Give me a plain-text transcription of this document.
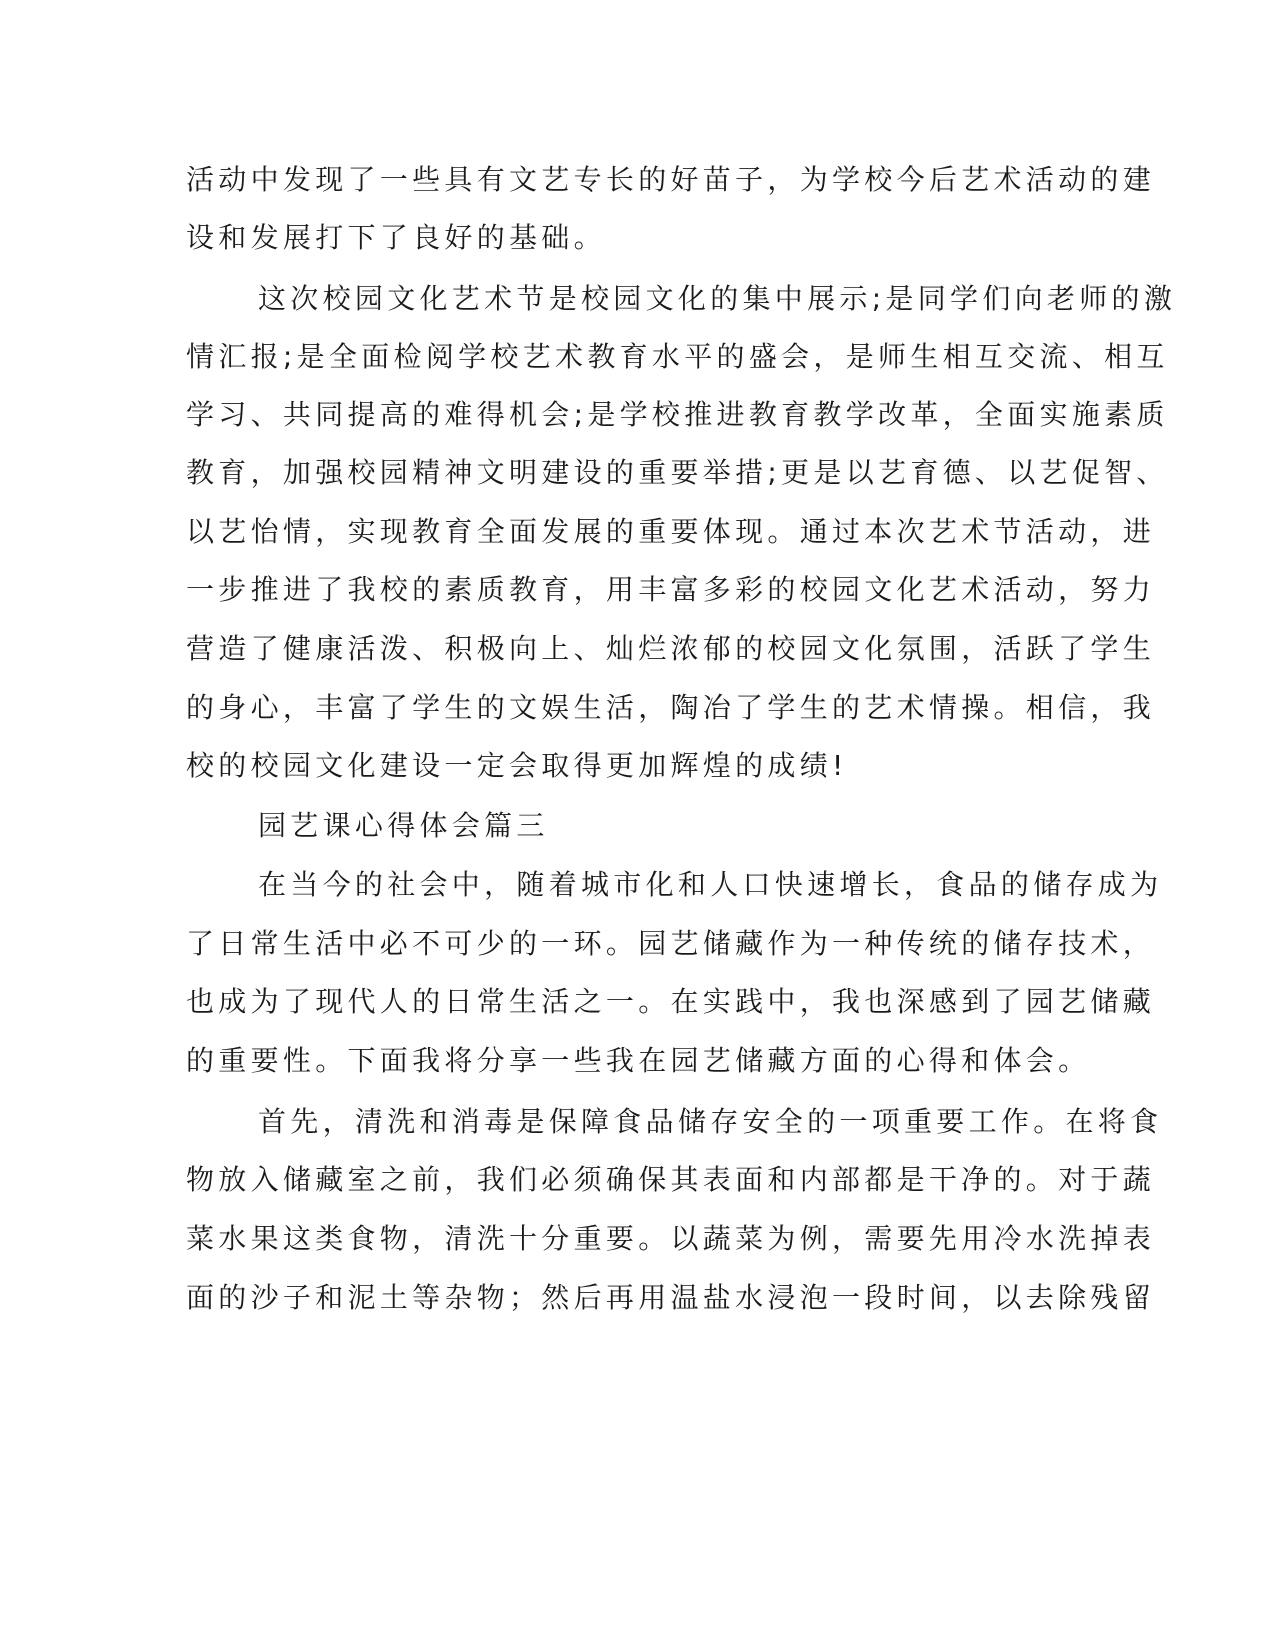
活动中发现了一些具有文艺专长的好苗子，为学校今后艺术活动的建
设和发展打下了良好的基础。
这次校园文化艺术节是校园文化的集中展示;是同学们向老师的激
情汇报;是全面检阅学校艺术教育水平的盛会，是师生相互交流、相互
学习、共同提高的难得机会;是学校推进教育教学改革，全面实施素质
教育，加强校园精神文明建设的重要举措;更是以艺育德、以艺促智、
以艺怡情，实现教育全面发展的重要体现。通过本次艺术节活动，进
一步推进了我校的素质教育，用丰富多彩的校园文化艺术活动，努力
营造了健康活泼、积极向上、灿烂浓郁的校园文化氛围，活跃了学生
的身心，丰富了学生的文娱生活，陶冶了学生的艺术情操。相信，我
校的校园文化建设一定会取得更加辉煌的成绩!
园艺课心得体会篇三
在当今的社会中，随着城市化和人口快速增长，食品的储存成为
了日常生活中必不可少的一环。园艺储藏作为一种传统的储存技术，
也成为了现代人的日常生活之一。在实践中，我也深感到了园艺储藏
的重要性。下面我将分享一些我在园艺储藏方面的心得和体会。
首先，清洗和消毒是保障食品储存安全的一项重要工作。在将食
物放入储藏室之前，我们必须确保其表面和内部都是干净的。对于蔬
菜水果这类食物，清洗十分重要。以蔬菜为例，需要先用冷水洗掉表
面的沙子和泥土等杂物；然后再用温盐水浸泡一段时间，以去除残留
